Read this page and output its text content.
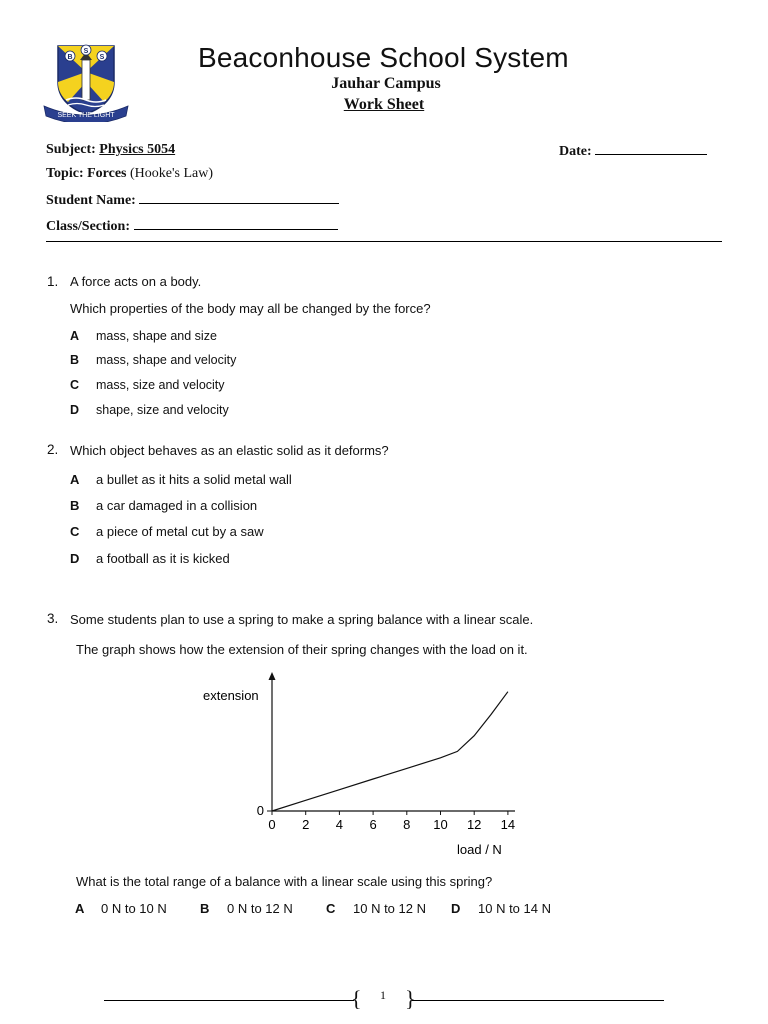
B
S
S
SEEK THE LIGHT
Beaconhouse School System
Jauhar Campus
Work Sheet
Subject: Physics 5054	Date:
Topic: Forces (Hooke's Law)
Student Name:
Class/Section:
1. A force acts on a body.
Which properties of the body may all be changed by the force?
A mass, shape and size
B mass, shape and velocity
C mass, size and velocity
D shape, size and velocity
2. Which object behaves as an elastic solid as it deforms?
A a bullet as it hits a solid metal wall
B a car damaged in a collision
C a piece of metal cut by a saw
D a football as it is kicked
3. Some students plan to use a spring to make a spring balance with a linear scale.
The graph shows how the extension of their spring changes with the load on it.
extension
load / N
0 2 4 6 8 10 12 14
0
What is the total range of a balance with a linear scale using this spring?
A 0 N to 10 N	B 0 N to 12 N	C 10 N to 12 N D 10 N to 14 N
{	1 }
